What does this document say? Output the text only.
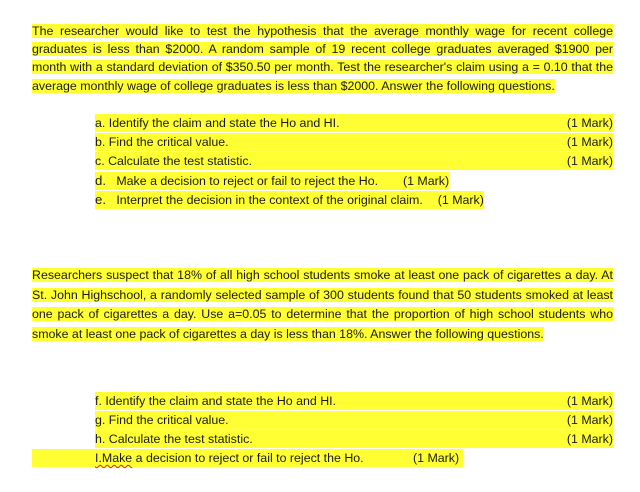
The researcher would like to test the hypothesis that the average monthly wage for recent college graduates is less than $2000. A random sample of 19 recent college graduates averaged $1900 per month with a standard deviation of $350.50 per month. Test the researcher's claim using a = 0.10 that the average monthly wage of college graduates is less than $2000. Answer the following questions.

a. Identify the claim and state the Ho and HI.	(1 Mark)
b. Find the critical value.	(1 Mark)
c. Calculate the test statistic.	(1 Mark)
d. Make a decision to reject or fail to reject the Ho. (1 Mark)
e. Interpret the decision in the context of the original claim. (1 Mark)

Researchers suspect that 18% of all high school students smoke at least one pack of cigarettes a day. At St. John Highschool, a randomly selected sample of 300 students found that 50 students smoked at least one pack of cigarettes a day. Use a=0.05 to determine that the proportion of high school students who smoke at least one pack of cigarettes a day is less than 18%. Answer the following questions.

f. Identify the claim and state the Ho and HI.	(1 Mark)
g. Find the critical value.	(1 Mark)
h. Calculate the test statistic.	(1 Mark)
I.Make a decision to reject or fail to reject the Ho.	(1 Mark)
